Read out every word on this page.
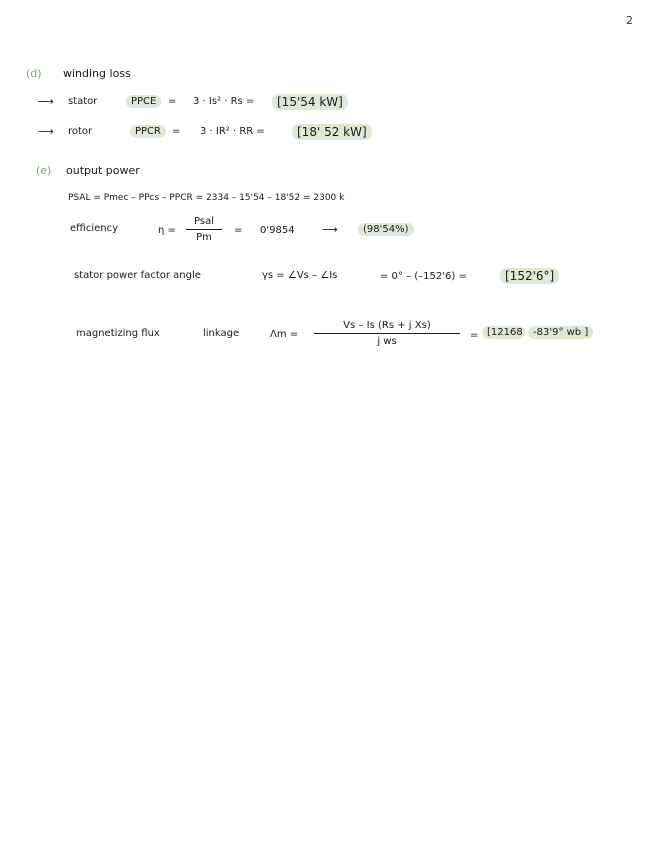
2
(d) winding loss
⟶ stator	PPCE	= 3 · Is² · Rs =	[15'54 kW]
⟶ rotor	PPCR	= 3 · IR² · RR =	[18' 52 kW]
(e) output power
PSAL = Pmec – PPcs – PPCR = 2334 – 15'54 – 18'52 = 2300 k
efficiency	η =
Psal
Pm
= 0'9854 ⟶	(98'54%)
stator power factor angle	γs = ∠Vs – ∠Is	= 0° – (–152'6) =	[152'6°]
magnetizing flux	linkage	Λm =
Vs – Is (Rs + j Xs)
j ws
= [12168	-83'9° wb ]
